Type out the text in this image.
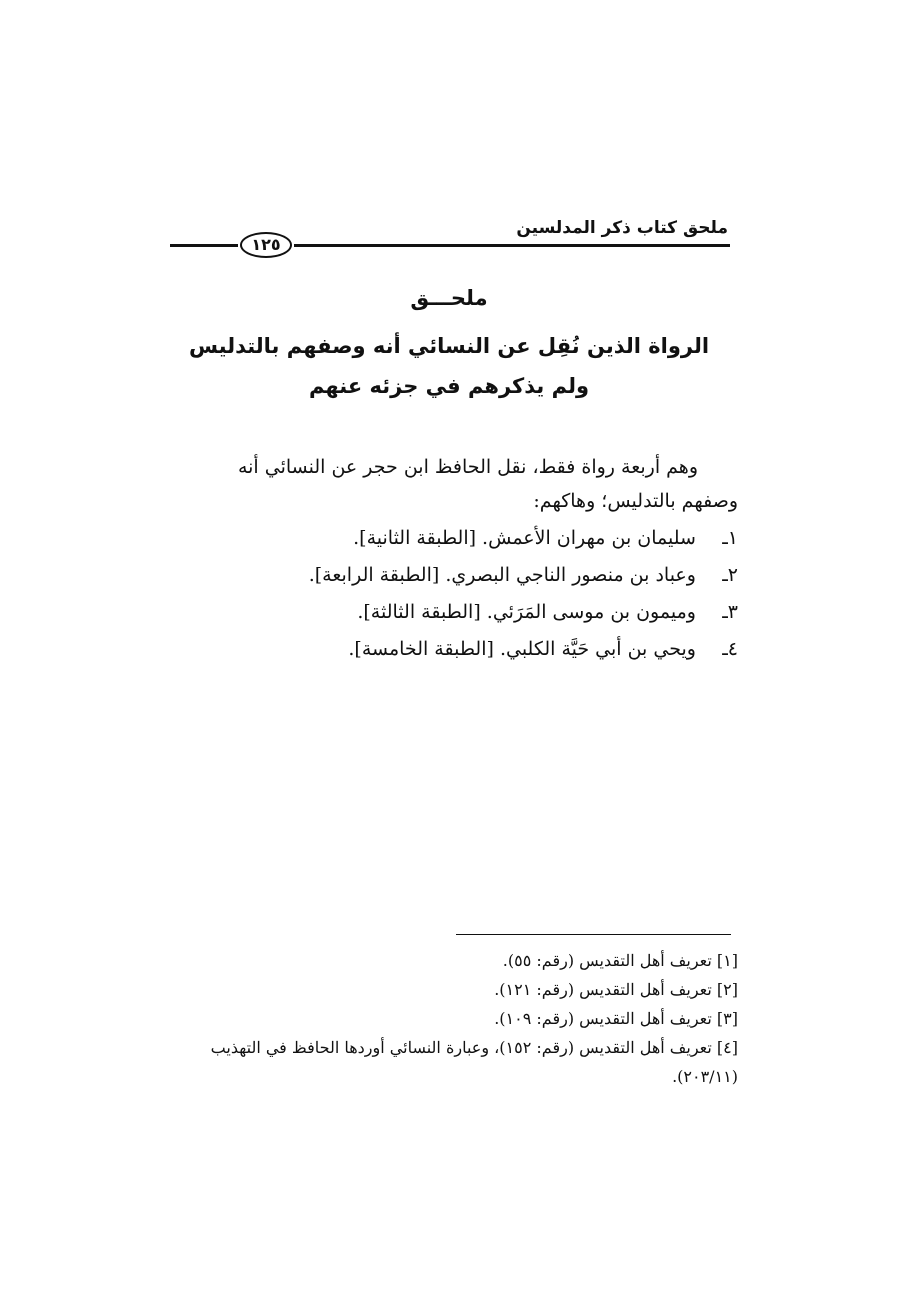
ملحق كتاب ذكر المدلسين
١٢٥
ملحـــق
الرواة الذين نُقِل عن النسائي أنه وصفهم بالتدليس
ولم يذكرهم في جزئه عنهم
وهم أربعة رواة فقط، نقل الحافظ ابن حجر عن النسائي أنه
وصفهم بالتدليس؛ وهاكهم:
١ـ سليمان بن مهران الأعمش. [الطبقة الثانية].
٢ـ وعباد بن منصور الناجي البصري. [الطبقة الرابعة].
٣ـ وميمون بن موسى المَرَئي. [الطبقة الثالثة].
٤ـ ويحي بن أبي حَيَّة الكلبي. [الطبقة الخامسة].
[١] تعريف أهل التقديس (رقم: ٥٥).
[٢] تعريف أهل التقديس (رقم: ١٢١).
[٣] تعريف أهل التقديس (رقم: ١٠٩).
[٤] تعريف أهل التقديس (رقم: ١٥٢)، وعبارة النسائي أوردها الحافظ في التهذيب
(٢٠٣/١١).
